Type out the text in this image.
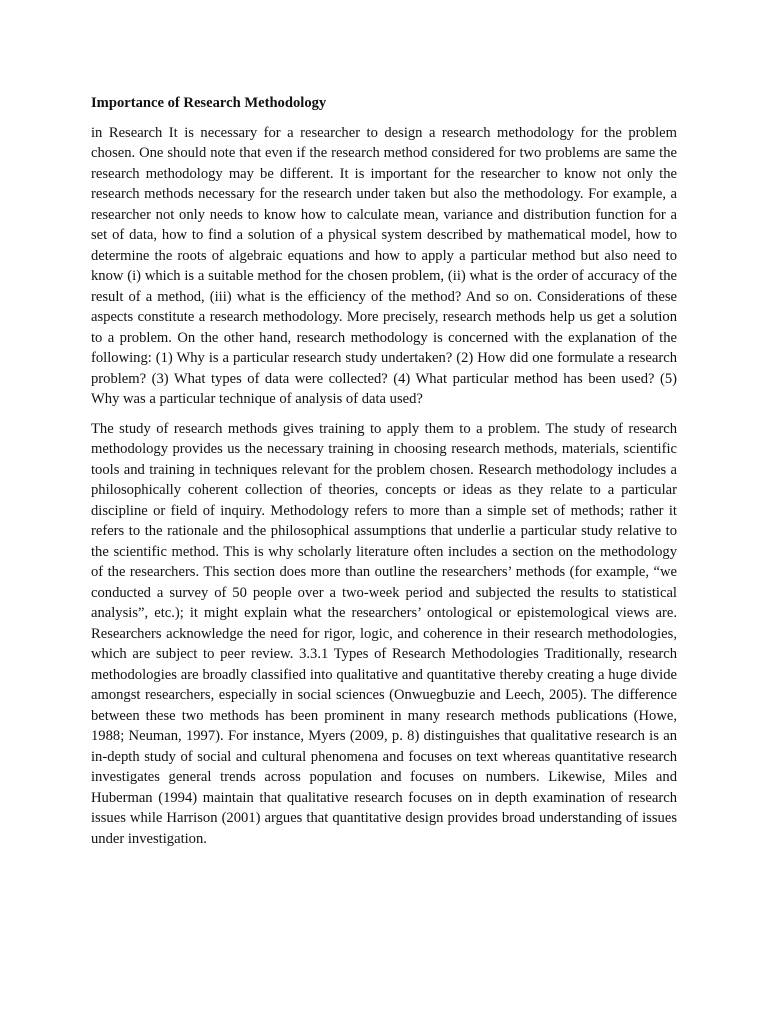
Importance of Research Methodology
in Research It is necessary for a researcher to design a research methodology for the problem chosen. One should note that even if the research method considered for two problems are same the research methodology may be different. It is important for the researcher to know not only the research methods necessary for the research under taken but also the methodology. For example, a researcher not only needs to know how to calculate mean, variance and distribution function for a set of data, how to find a solution of a physical system described by mathematical model, how to determine the roots of algebraic equations and how to apply a particular method but also need to know (i) which is a suitable method for the chosen problem, (ii) what is the order of accuracy of the result of a method, (iii) what is the efficiency of the method? And so on. Considerations of these aspects constitute a research methodology. More precisely, research methods help us get a solution to a problem. On the other hand, research methodology is concerned with the explanation of the following: (1) Why is a particular research study undertaken? (2) How did one formulate a research problem? (3) What types of data were collected? (4) What particular method has been used? (5) Why was a particular technique of analysis of data used?
The study of research methods gives training to apply them to a problem. The study of research methodology provides us the necessary training in choosing research methods, materials, scientific tools and training in techniques relevant for the problem chosen. Research methodology includes a philosophically coherent collection of theories, concepts or ideas as they relate to a particular discipline or field of inquiry. Methodology refers to more than a simple set of methods; rather it refers to the rationale and the philosophical assumptions that underlie a particular study relative to the scientific method. This is why scholarly literature often includes a section on the methodology of the researchers. This section does more than outline the researchers’ methods (for example, “we conducted a survey of 50 people over a two-week period and subjected the results to statistical analysis”, etc.); it might explain what the researchers’ ontological or epistemological views are. Researchers acknowledge the need for rigor, logic, and coherence in their research methodologies, which are subject to peer review. 3.3.1 Types of Research Methodologies Traditionally, research methodologies are broadly classified into qualitative and quantitative thereby creating a huge divide amongst researchers, especially in social sciences (Onwuegbuzie and Leech, 2005). The difference between these two methods has been prominent in many research methods publications (Howe, 1988; Neuman, 1997). For instance, Myers (2009, p. 8) distinguishes that qualitative research is an in-depth study of social and cultural phenomena and focuses on text whereas quantitative research investigates general trends across population and focuses on numbers. Likewise, Miles and Huberman (1994) maintain that qualitative research focuses on in depth examination of research issues while Harrison (2001) argues that quantitative design provides broad understanding of issues under investigation.
